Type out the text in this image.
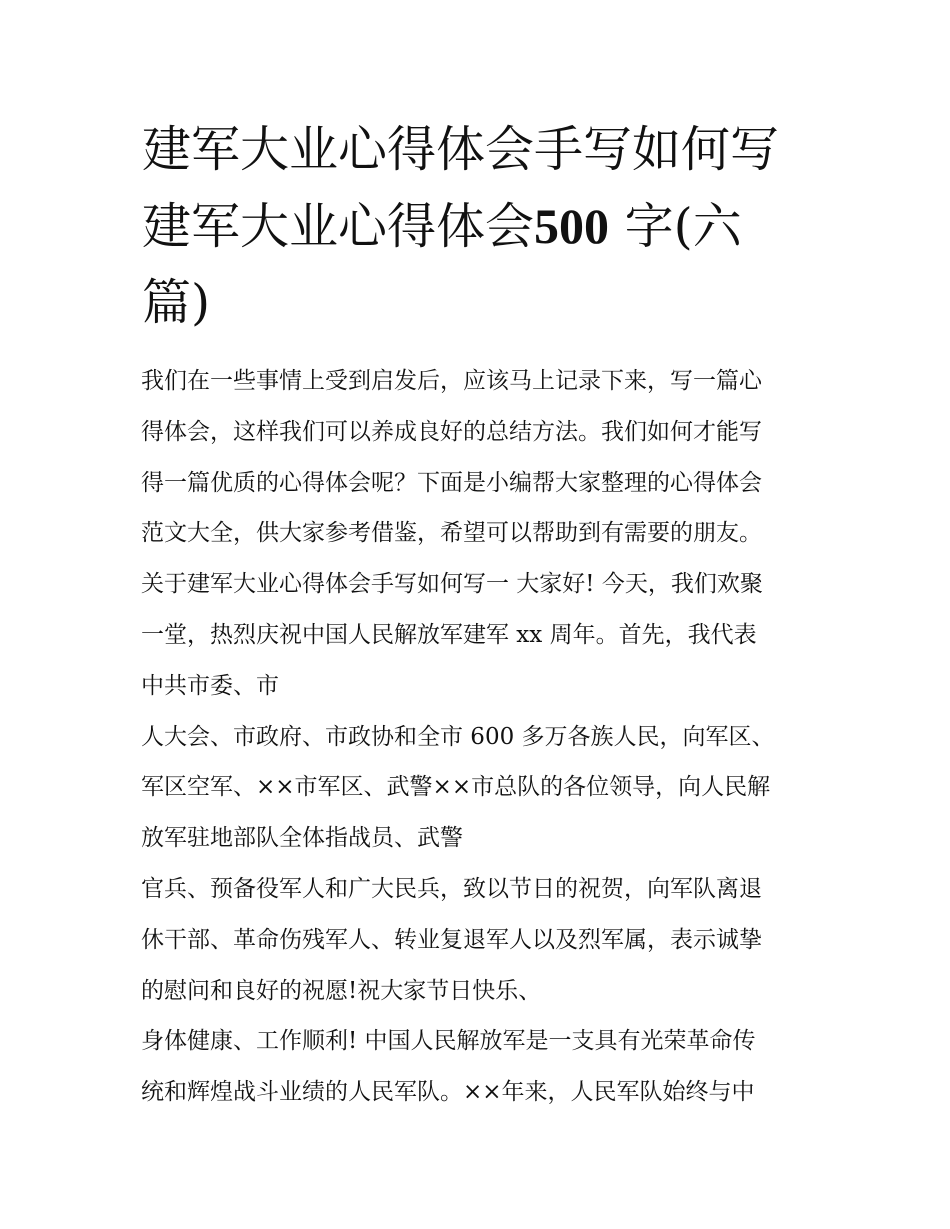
建军大业心得体会手写如何写
建军大业心得体会500 字(六
篇)
我们在一些事情上受到启发后，应该马上记录下来，写一篇心
得体会，这样我们可以养成良好的总结方法。我们如何才能写
得一篇优质的心得体会呢？下面是小编帮大家整理的心得体会
范文大全，供大家参考借鉴，希望可以帮助到有需要的朋友。
关于建军大业心得体会手写如何写一 大家好! 今天，我们欢聚
一堂，热烈庆祝中国人民解放军建军 xx 周年。首先，我代表
中共市委、市
人大会、市政府、市政协和全市 600 多万各族人民，向军区、
军区空军、××市军区、武警××市总队的各位领导，向人民解
放军驻地部队全体指战员、武警
官兵、预备役军人和广大民兵，致以节日的祝贺，向军队离退
休干部、革命伤残军人、转业复退军人以及烈军属，表示诚挚
的慰问和良好的祝愿!祝大家节日快乐、
身体健康、工作顺利! 中国人民解放军是一支具有光荣革命传
统和辉煌战斗业绩的人民军队。××年来，人民军队始终与中
